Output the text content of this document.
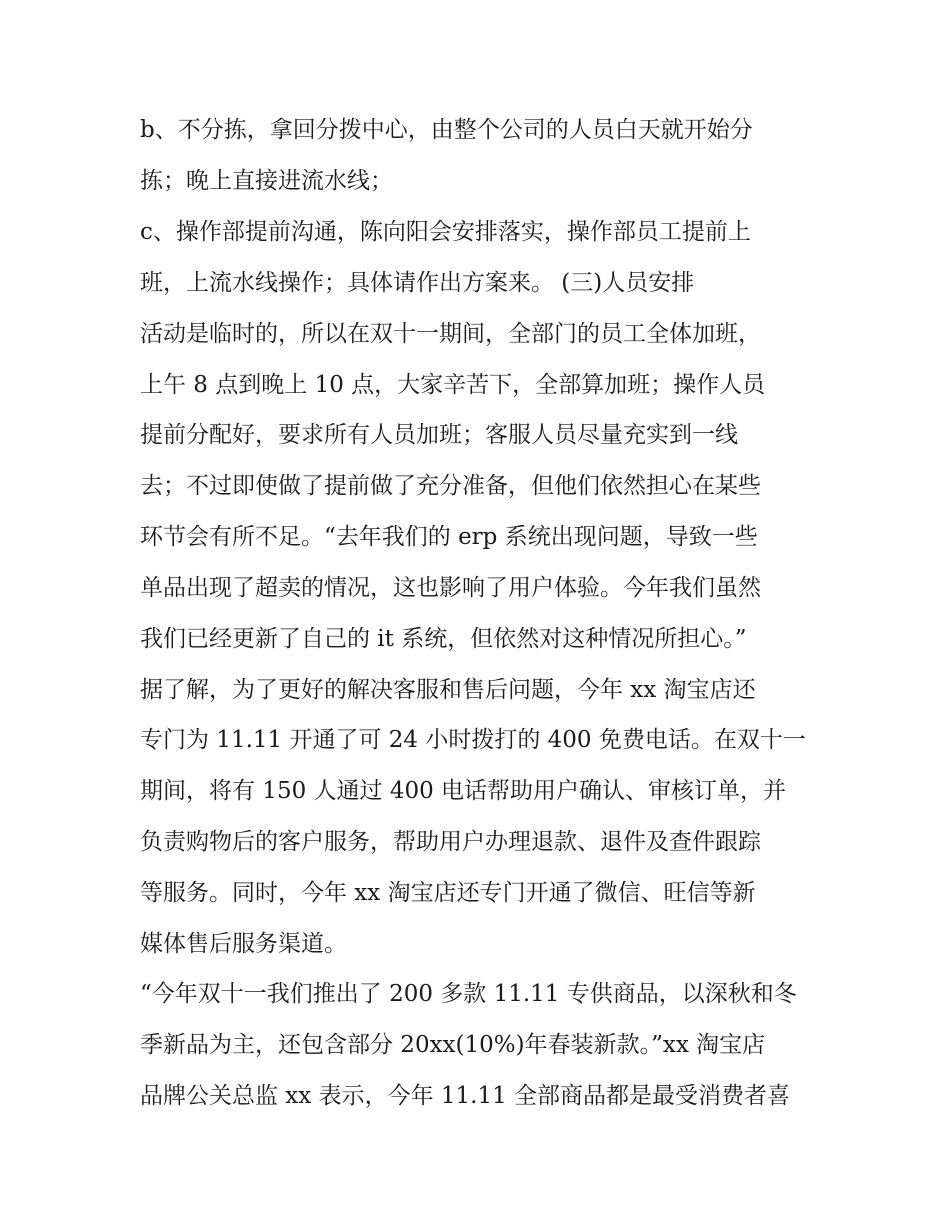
b、不分拣，拿回分拨中心，由整个公司的人员白天就开始分
拣；晚上直接进流水线；
c、操作部提前沟通，陈向阳会安排落实，操作部员工提前上
班，上流水线操作；具体请作出方案来。 (三)人员安排
活动是临时的，所以在双十一期间，全部门的员工全体加班，
上午 8 点到晚上 10 点，大家辛苦下，全部算加班；操作人员
提前分配好，要求所有人员加班；客服人员尽量充实到一线
去；不过即使做了提前做了充分准备，但他们依然担心在某些
环节会有所不足。“去年我们的 erp 系统出现问题，导致一些
单品出现了超卖的情况，这也影响了用户体验。今年我们虽然
我们已经更新了自己的 it 系统，但依然对这种情况所担心。”
据了解，为了更好的解决客服和售后问题，今年 xx 淘宝店还
专门为 11.11 开通了可 24 小时拨打的 400 免费电话。在双十一
期间，将有 150 人通过 400 电话帮助用户确认、审核订单，并
负责购物后的客户服务，帮助用户办理退款、退件及查件跟踪
等服务。同时，今年 xx 淘宝店还专门开通了微信、旺信等新
媒体售后服务渠道。
“今年双十一我们推出了 200 多款 11.11 专供商品，以深秋和冬
季新品为主，还包含部分 20xx(10%)年春装新款。”xx 淘宝店
品牌公关总监 xx 表示，今年 11.11 全部商品都是最受消费者喜
